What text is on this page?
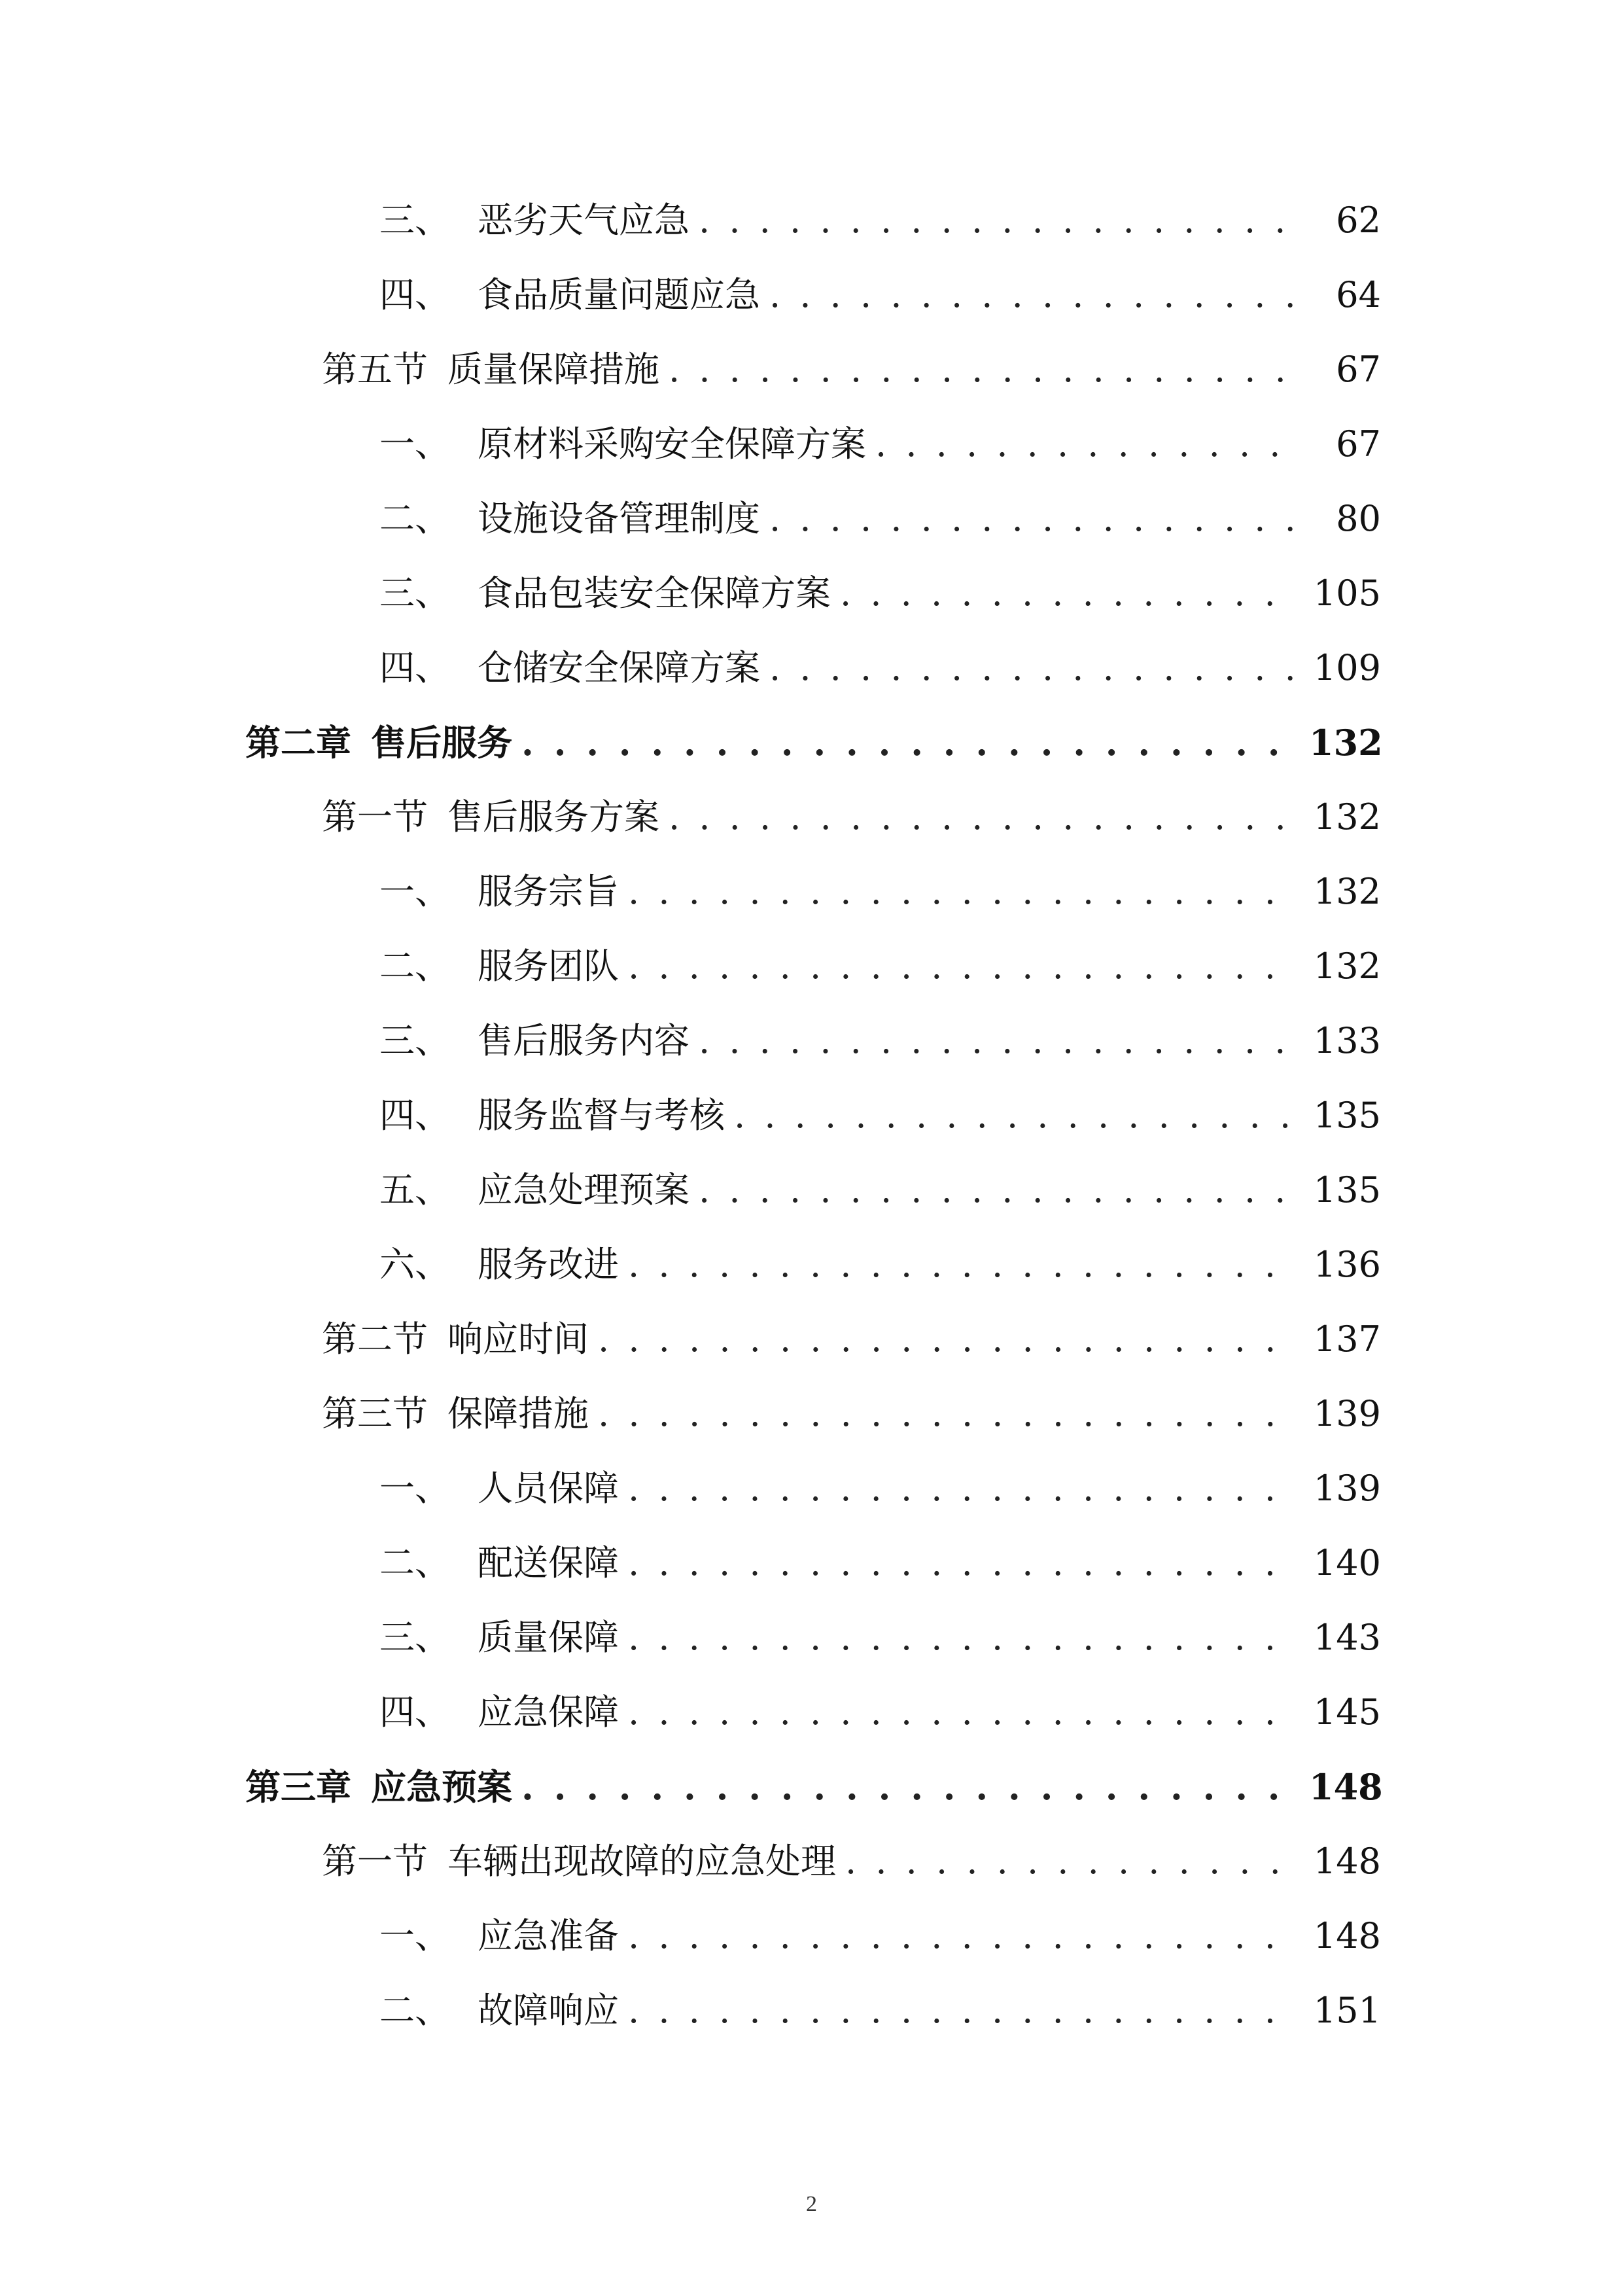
三、 恶劣天气应急 . . .	62
四、 食品质量问题应急 . . .	64
第五节 质量保障措施 . . .	67
一、 原材料采购安全保障方案 . . .	67
二、 设施设备管理制度 . . .	80
三、 食品包装安全保障方案 . . .	105
四、 仓储安全保障方案 . . .	109
第二章 售后服务 . . .	132
第一节 售后服务方案 . . .	132
一、 服务宗旨 . . .	132
二、 服务团队 . . .	132
三、 售后服务内容 . . .	133
四、 服务监督与考核 . . .	135
五、 应急处理预案 . . .	135
六、 服务改进 . . .	136
第二节 响应时间 . . .	137
第三节 保障措施 . . .	139
一、 人员保障 . . .	139
二、 配送保障 . . .	140
三、 质量保障 . . .	143
四、 应急保障 . . .	145
第三章 应急预案 . . .	148
第一节 车辆出现故障的应急处理 . . .	148
一、 应急准备 . . .	148
二、 故障响应 . . .	151
2
